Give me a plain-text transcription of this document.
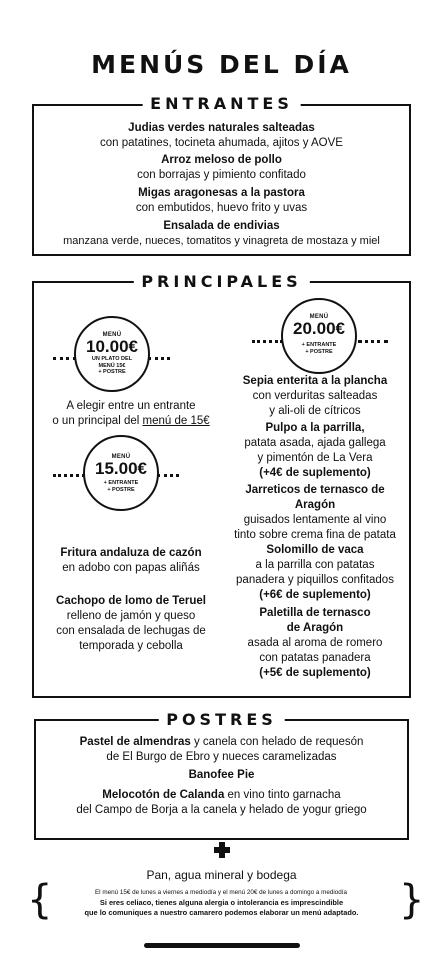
MENÚS DEL DÍA
ENTRANTES
Judias verdes naturales salteadas
con patatines, tocineta ahumada, ajitos y AOVE
Arroz meloso de pollo
con borrajas y pimiento confitado
Migas aragonesas a la pastora
con embutidos, huevo frito y uvas
Ensalada de endivias
manzana verde, nueces, tomatitos y vinagreta de mostaza y miel
PRINCIPALES
MENÚ
10.00€
UN PLATO DEL
MENÚ 15€
+ POSTRE
A elegir entre un entrante
o un principal del menú de 15€
MENÚ
15.00€
+ ENTRANTE
+ POSTRE
MENÚ
20.00€
+ ENTRANTE
+ POSTRE
Fritura andaluza de cazón
en adobo con papas aliñás
Cachopo de lomo de Teruel
relleno de jamón y queso
con ensalada de lechugas de
temporada y cebolla
Sepia enterita a la plancha
con verduritas salteadas
y ali-oli de cítricos
Pulpo a la parrilla,
patata asada, ajada gallega
y pimentón de La Vera
(+4€ de suplemento)
Jarreticos de ternasco de
Aragón
guisados lentamente al vino
tinto sobre crema fina de patata
Solomillo de vaca
a la parrilla con patatas
panadera y piquillos confitados
(+6€ de suplemento)
Paletilla de ternasco
de Aragón
asada al aroma de romero
con patatas panadera
(+5€ de suplemento)
POSTRES
Pastel de almendras y canela con helado de requesón
de El Burgo de Ebro y nueces caramelizadas
Banofee Pie
Melocotón de Calanda en vino tinto garnacha
del Campo de Borja a la canela y helado de yogur griego
Pan, agua mineral y bodega
{	}
El menú 15€ de lunes a viernes a mediodía y el menú 20€ de lunes a domingo a mediodía
Si eres celiaco, tienes alguna alergia o intolerancia es imprescindible
que lo comuniques a nuestro camarero podemos elaborar un menú adaptado.
